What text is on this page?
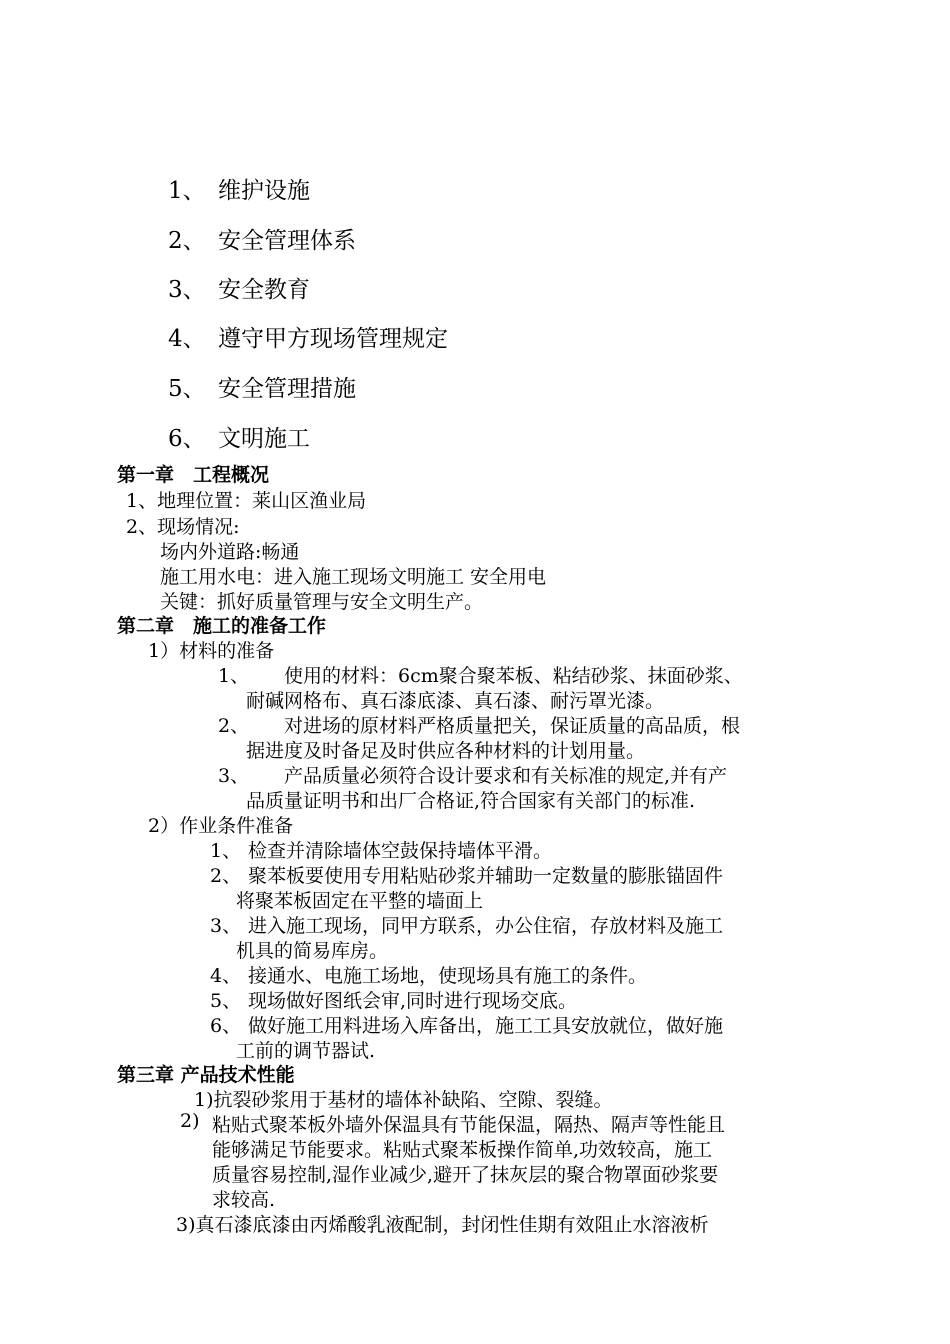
1、 维护设施
2、 安全管理体系
3、 安全教育
4、 遵守甲方现场管理规定
5、 安全管理措施
6、 文明施工
第一章　工程概况
1、地理位置：莱山区渔业局
2、现场情况:
场内外道路:畅通
施工用水电：进入施工现场文明施工 安全用电
关键：抓好质量管理与安全文明生产。
第二章　施工的准备工作
1）材料的准备
1、 使用的材料：6cm聚合聚苯板、粘结砂浆、抹面砂浆、
耐碱网格布、真石漆底漆、真石漆、耐污罩光漆。
2、 对进场的原材料严格质量把关，保证质量的高品质，根
据进度及时备足及时供应各种材料的计划用量。
3、 产品质量必须符合设计要求和有关标准的规定,并有产
品质量证明书和出厂合格证,符合国家有关部门的标准.
2）作业条件准备
1、 检查并清除墙体空鼓保持墙体平滑。
2、 聚苯板要使用专用粘贴砂浆并辅助一定数量的膨胀锚固件
将聚苯板固定在平整的墙面上
3、 进入施工现场，同甲方联系，办公住宿，存放材料及施工
机具的简易库房。
4、 接通水、电施工场地，使现场具有施工的条件。
5、 现场做好图纸会审,同时进行现场交底。
6、 做好施工用料进场入库备出，施工工具安放就位，做好施
工前的调节器试.
第三章 产品技术性能
1)抗裂砂浆用于基材的墙体补缺陷、空隙、裂缝。
2) 粘贴式聚苯板外墙外保温具有节能保温，隔热、隔声等性能且
能够满足节能要求。粘贴式聚苯板操作简单,功效较高，施工
质量容易控制,湿作业减少,避开了抹灰层的聚合物罩面砂浆要
求较高.
3)真石漆底漆由丙烯酸乳液配制，封闭性佳期有效阻止水溶液析
